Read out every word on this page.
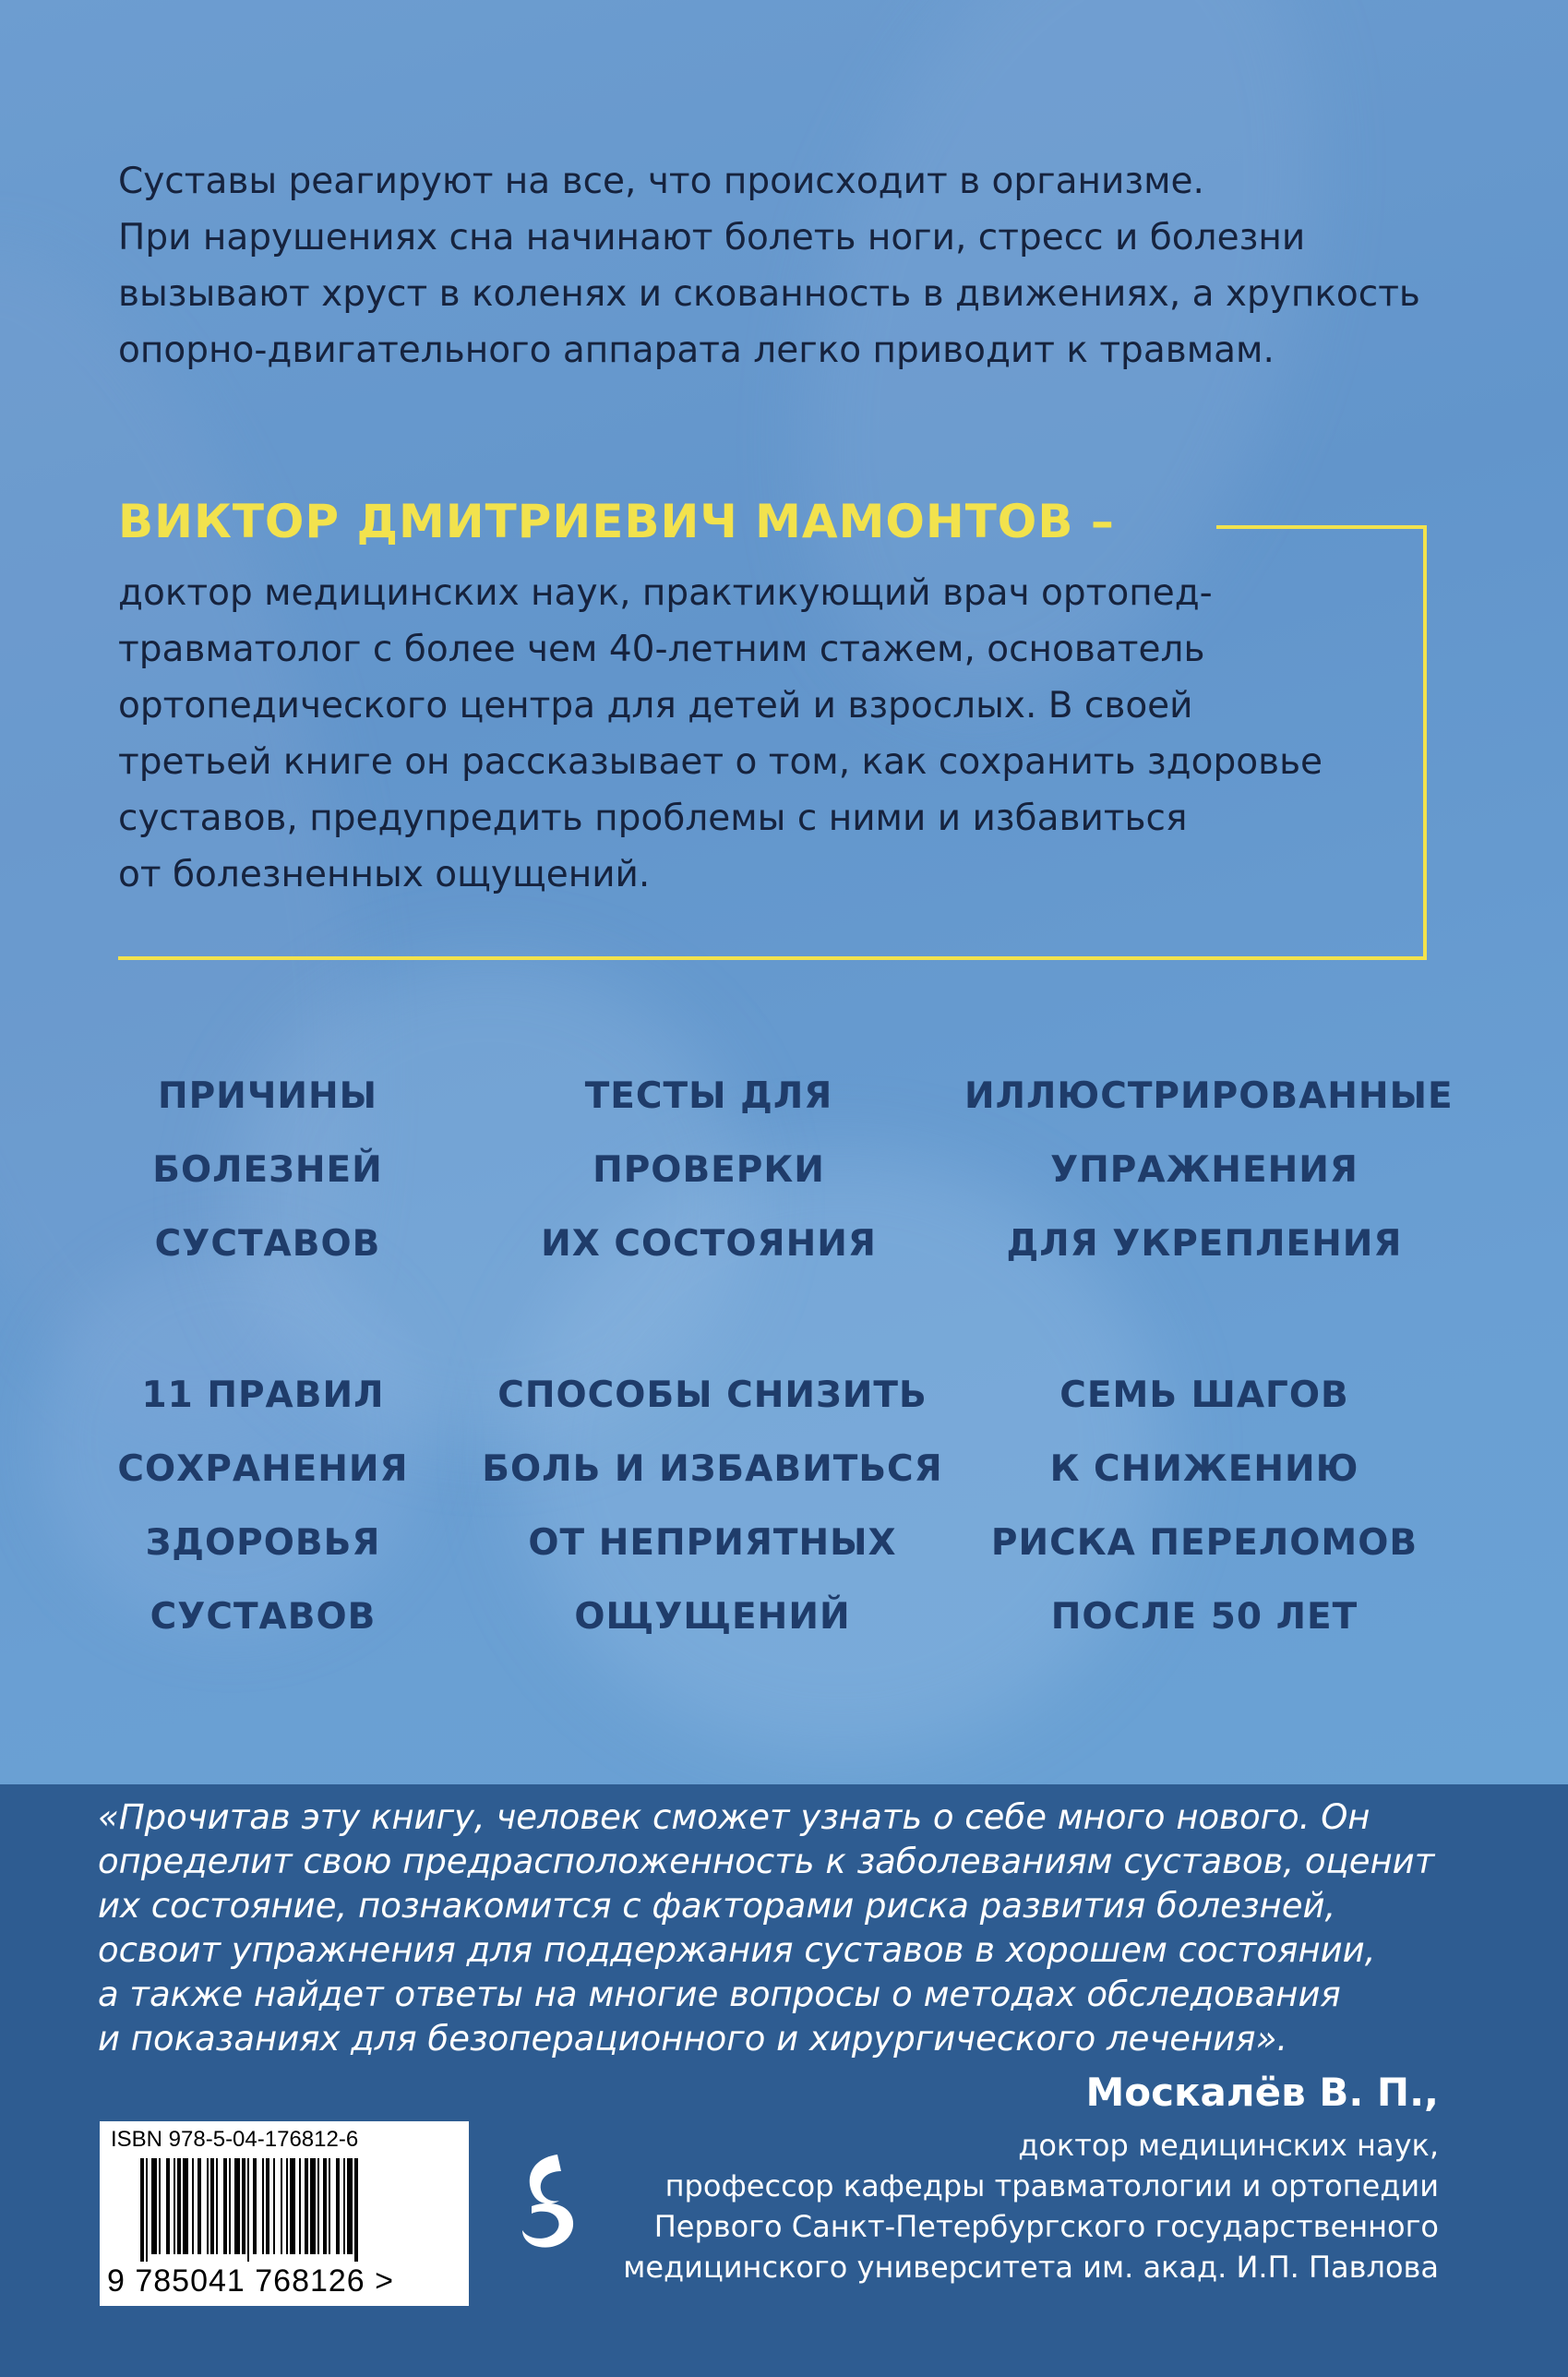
Суставы реагируют на все, что происходит в организме.
При нарушениях сна начинают болеть ноги, стресс и болезни
вызывают хруст в коленях и скованность в движениях, а хрупкость
опорно-двигательного аппарата легко приводит к травмам.

ВИКТОР ДМИТРИЕВИЧ МАМОНТОВ –

доктор медицинских наук, практикующий врач ортопед-
травматолог с более чем 40-летним стажем, основатель
ортопедического центра для детей и взрослых. В своей
третьей книге он рассказывает о том, как сохранить здоровье
суставов, предупредить проблемы с ними и избавиться
от болезненных ощущений.

ПРИЧИНЫ
БОЛЕЗНЕЙ
СУСТАВОВ
ТЕСТЫ ДЛЯ
ПРОВЕРКИ
ИХ СОСТОЯНИЯ
ИЛЛЮСТРИРОВАННЫЕ
УПРАЖНЕНИЯ
ДЛЯ УКРЕПЛЕНИЯ
11 ПРАВИЛ
СОХРАНЕНИЯ
ЗДОРОВЬЯ
СУСТАВОВ
СПОСОБЫ СНИЗИТЬ
БОЛЬ И ИЗБАВИТЬСЯ
ОТ НЕПРИЯТНЫХ
ОЩУЩЕНИЙ
СЕМЬ ШАГОВ
К СНИЖЕНИЮ
РИСКА ПЕРЕЛОМОВ
ПОСЛЕ 50 ЛЕТ

«Прочитав эту книгу, человек сможет узнать о себе много нового. Он
определит свою предрасположенность к заболеваниям суставов, оценит
их состояние, познакомится с факторами риска развития болезней,
освоит упражнения для поддержания суставов в хорошем состоянии,
а также найдет ответы на многие вопросы о методах обследования
и показаниях для безоперационного и хирургического лечения».

Москалёв В. П.,

доктор медицинских наук,
профессор кафедры травматологии и ортопедии
Первого Санкт-Петербургского государственного
медицинского университета им. акад. И.П. Павлова

ISBN 978-5-04-176812-6
9 785041 768126 >
